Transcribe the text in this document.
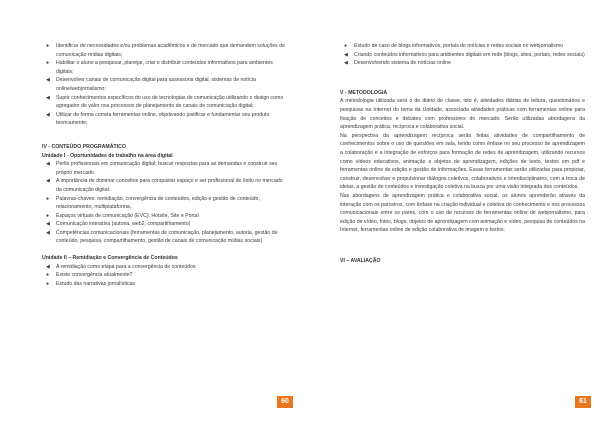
● Identificar de necessidades e/ou problemas acadêmicos e de mercado que demandem soluções de comunicação mídias digitais;
● Habilitar o aluno a pesquisar, planejar, criar e distribuir conteúdos informativos para ambientes digitais;
◀ Desenvolver canais de comunicação digital para assessoria digital, sistemas de notícia online/webjornalismo;
◀ Suprir conhecimentos específicos do uso de tecnologias de comunicação utilizando o design como agregador de valor nos processos de planejamento de canais de comunicação digital;
◀ Utilizar de forma correta ferramentas online, objetivando justificar e fundamentar seu produto teoricamente;
IV - CONTEÚDO PROGRAMÁTICO
Unidade I - Oportunidades de trabalho na área digital
◀ Perfis profissionais em comunicação digital: buscar respostas para as demandas e construir seu próprio mercado
◀ A importância de dominar conceitos para conquistar espaço e ser profissional de êxito no mercado da comunicação digital.
● Palavras-chaves: remidiação, convergência de conteúdos, edição e gestão de conteúdo, relacionamento, multiplataforma,
● Espaços virtuais de comunicação (EVC): Hotsite, Site e Portal
◀ Comunicação interativa (autoria, web2, compartilhamento)
◀ Competências comunicacionais (ferramentas de comunicação, planejamento, autoria, gestão de conteúdo, pesquisa, compartilhamento, gestão de canais de comunicação mídias sociais)
Unidade II – Remidiação e Convergência de Conteúdos
◀ A remidiação como etapa para a convergência de conteúdos
● Existe convergência atualmente?
● Estudo das narrativas jornalísticas
60
● Estudo de caso de blogs informativos, portais de notícias e redes sociais no webjornalismo
◀ Criando conteúdos informativos para ambientes digitais em rede (blogs, sites, portais, redes sociais)
◀ Desenvolvendo sistema de notícias online
V - METODOLOGIA

A metodologia utilizada será o de diário de classe, isto é, atividades diárias de leitura, questionários e pesquisas na Internet do tema da Unidade, associada atividades práticas com ferramentas online para fixação de conceitos e debates com professores do mercado. Serão utilizadas abordagens da aprendizagem prática, recíproca e colaborativa social.

Na perspectiva da aprendizagem recíproca serão feitas atividades de compartilhamento de conhecimentos sobre o uso de questões em sala, tendo como ênfase no seu processo de aprendizagem a colaboração e a integração de esforços para formação de redes de aprendizagem, utilizando recursos como vídeos educativos, animação e objetos de aprendizagem, edições de texto, textos em pdf e ferramentas online de edição e gestão de informações. Essas ferramentas serão utilizadas para propiciar, construir, desenvolver e propulsionar diálogos coletivos, colaborativos e interdisciplinares, com a troca de ideias, a gestão de conteúdos e investigação coletiva na busca por uma visão integrada dos conteúdos.

Nas abordagens de aprendizagem prática e colaborativa social, os alunos aprenderão através da interação com os parceiros, com ênfase na criação individual e coletiva do conhecimento e nos processos comunicacionais entre os pares, com o uso de recursos de ferramentas online de webjornalismo, para edição de vídeo, fotos, blogs, objetos de aprendizagem com animação e vídeo, pesquisa de conteúdos na Internet, ferramentas online de edição colaborativa de imagem e textos.

VI – AVALIAÇÃO
61
